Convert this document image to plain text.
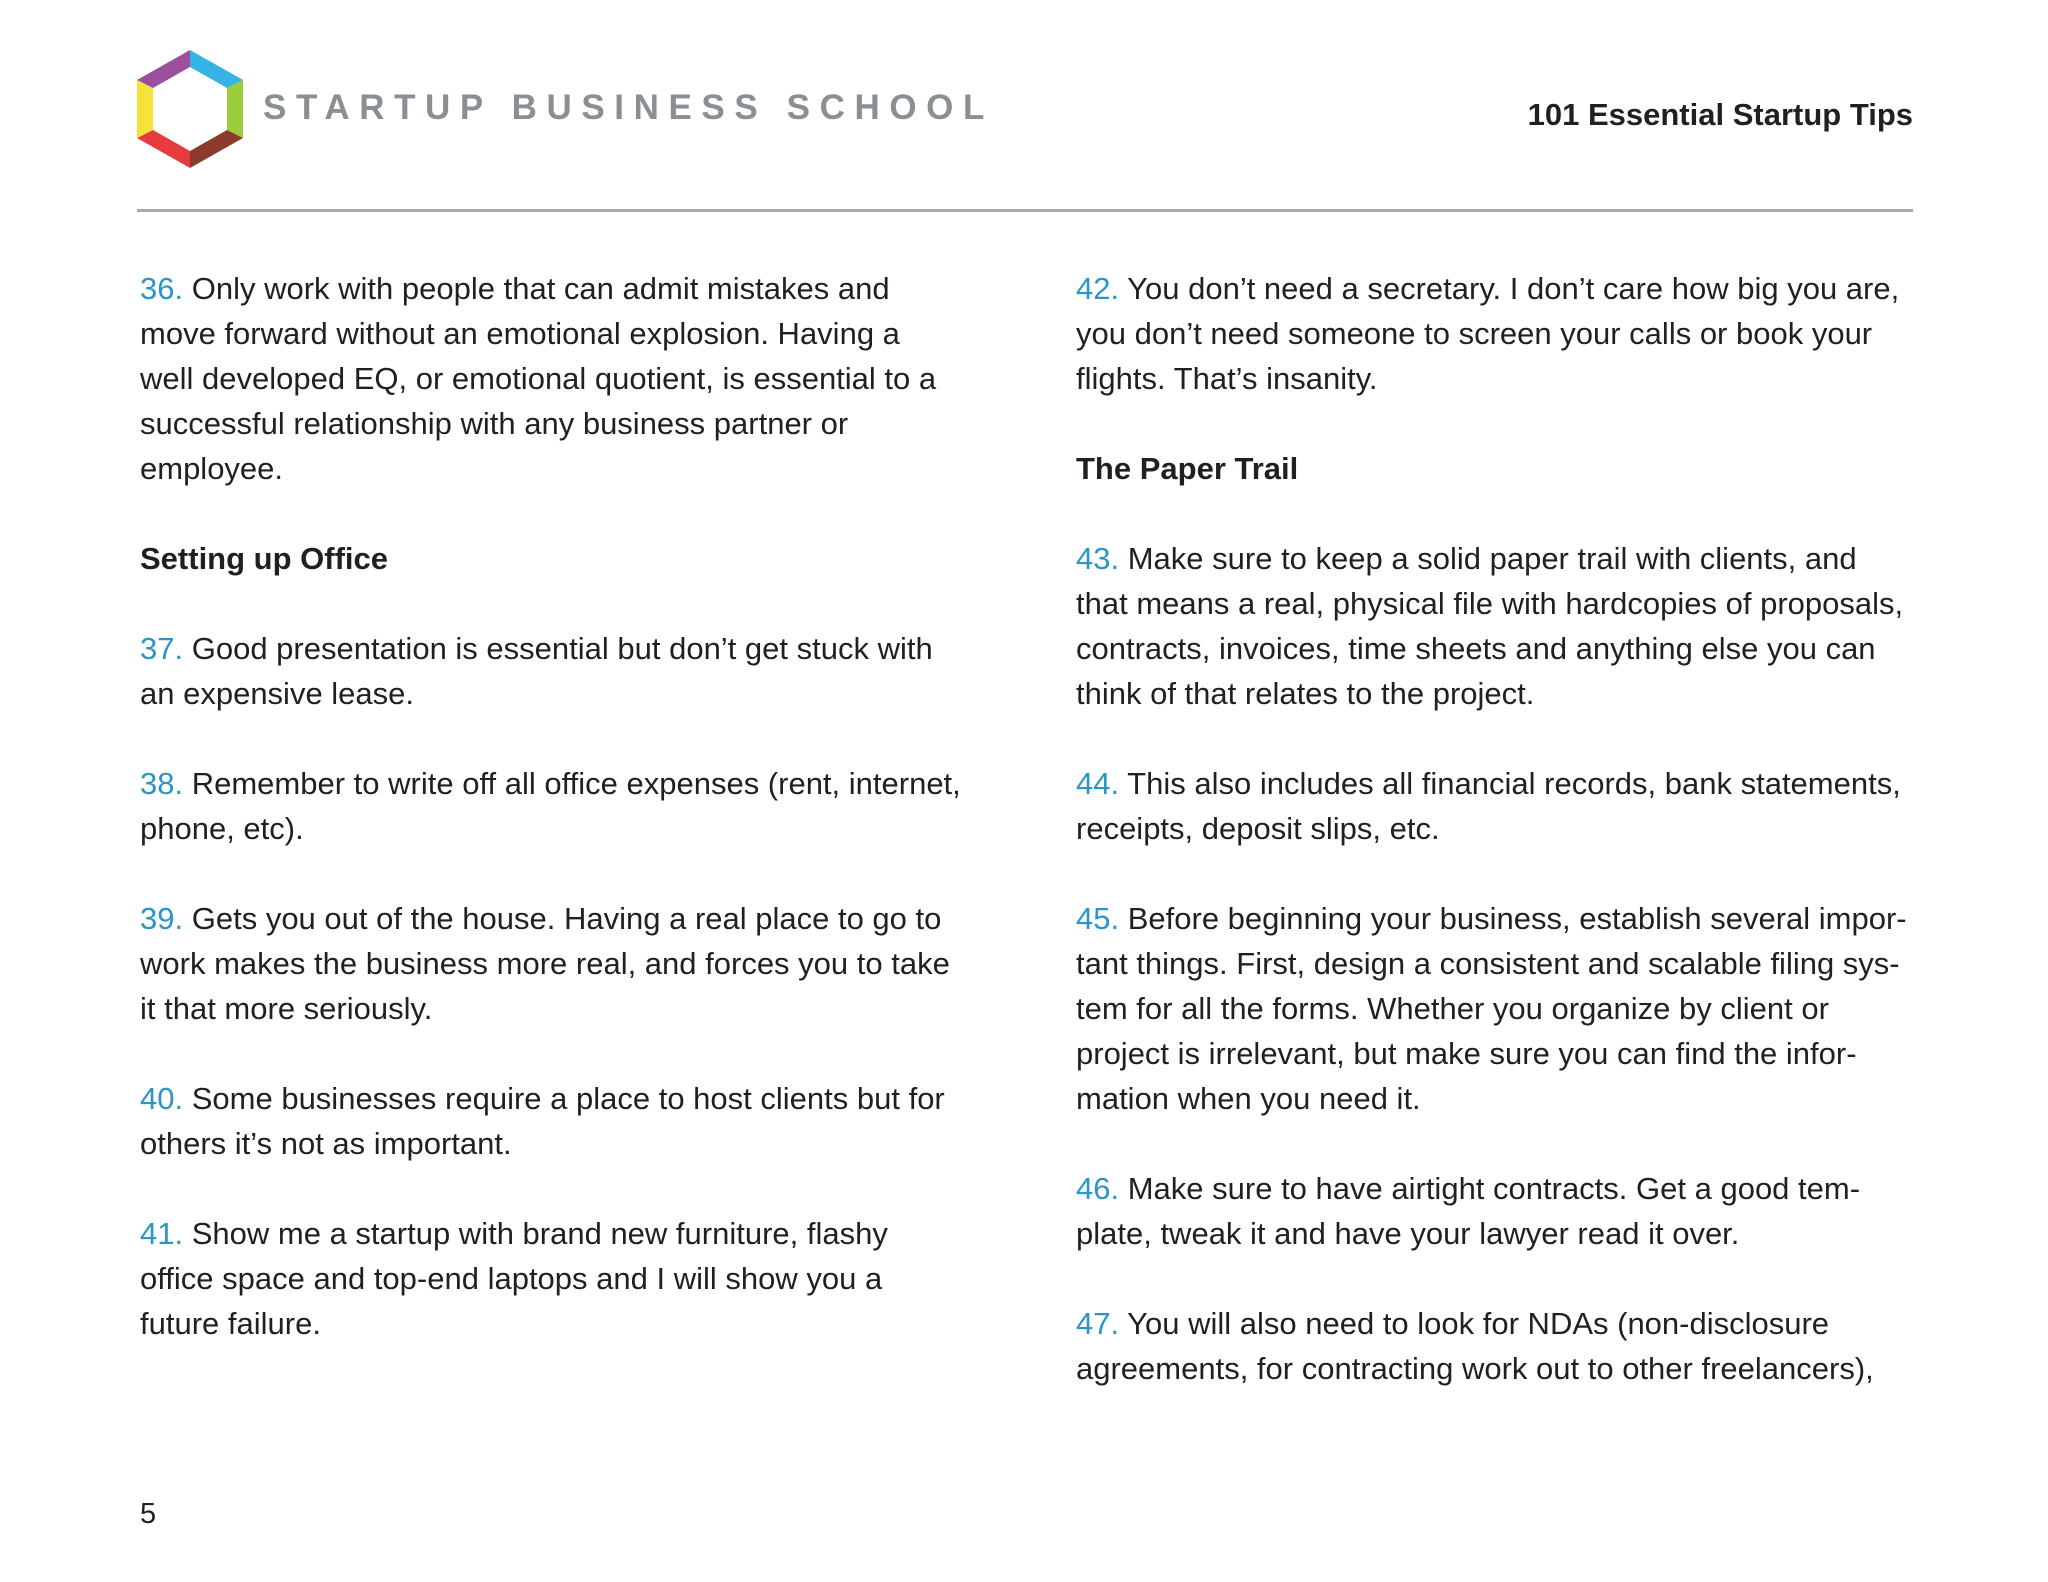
STARTUP BUSINESS SCHOOL	101 Essential Startup Tips
36. Only work with people that can admit mistakes and
move forward without an emotional explosion. Having a
well developed EQ, or emotional quotient, is essential to a
successful relationship with any business partner or
employee.
Setting up Office
37. Good presentation is essential but don’t get stuck with
an expensive lease.
38. Remember to write off all office expenses (rent, internet,
phone, etc).
39. Gets you out of the house. Having a real place to go to
work makes the business more real, and forces you to take
it that more seriously.
40. Some businesses require a place to host clients but for
others it’s not as important.
41. Show me a startup with brand new furniture, flashy
office space and top-end laptops and I will show you a
future failure.
42. You don’t need a secretary. I don’t care how big you are,
you don’t need someone to screen your calls or book your
flights. That’s insanity.
The Paper Trail
43. Make sure to keep a solid paper trail with clients, and
that means a real, physical file with hardcopies of proposals,
contracts, invoices, time sheets and anything else you can
think of that relates to the project.
44. This also includes all financial records, bank statements,
receipts, deposit slips, etc.
45. Before beginning your business, establish several impor-
tant things. First, design a consistent and scalable filing sys-
tem for all the forms. Whether you organize by client or
project is irrelevant, but make sure you can find the infor-
mation when you need it.
46. Make sure to have airtight contracts. Get a good tem-
plate, tweak it and have your lawyer read it over.
47. You will also need to look for NDAs (non-disclosure
agreements, for contracting work out to other freelancers),
5
